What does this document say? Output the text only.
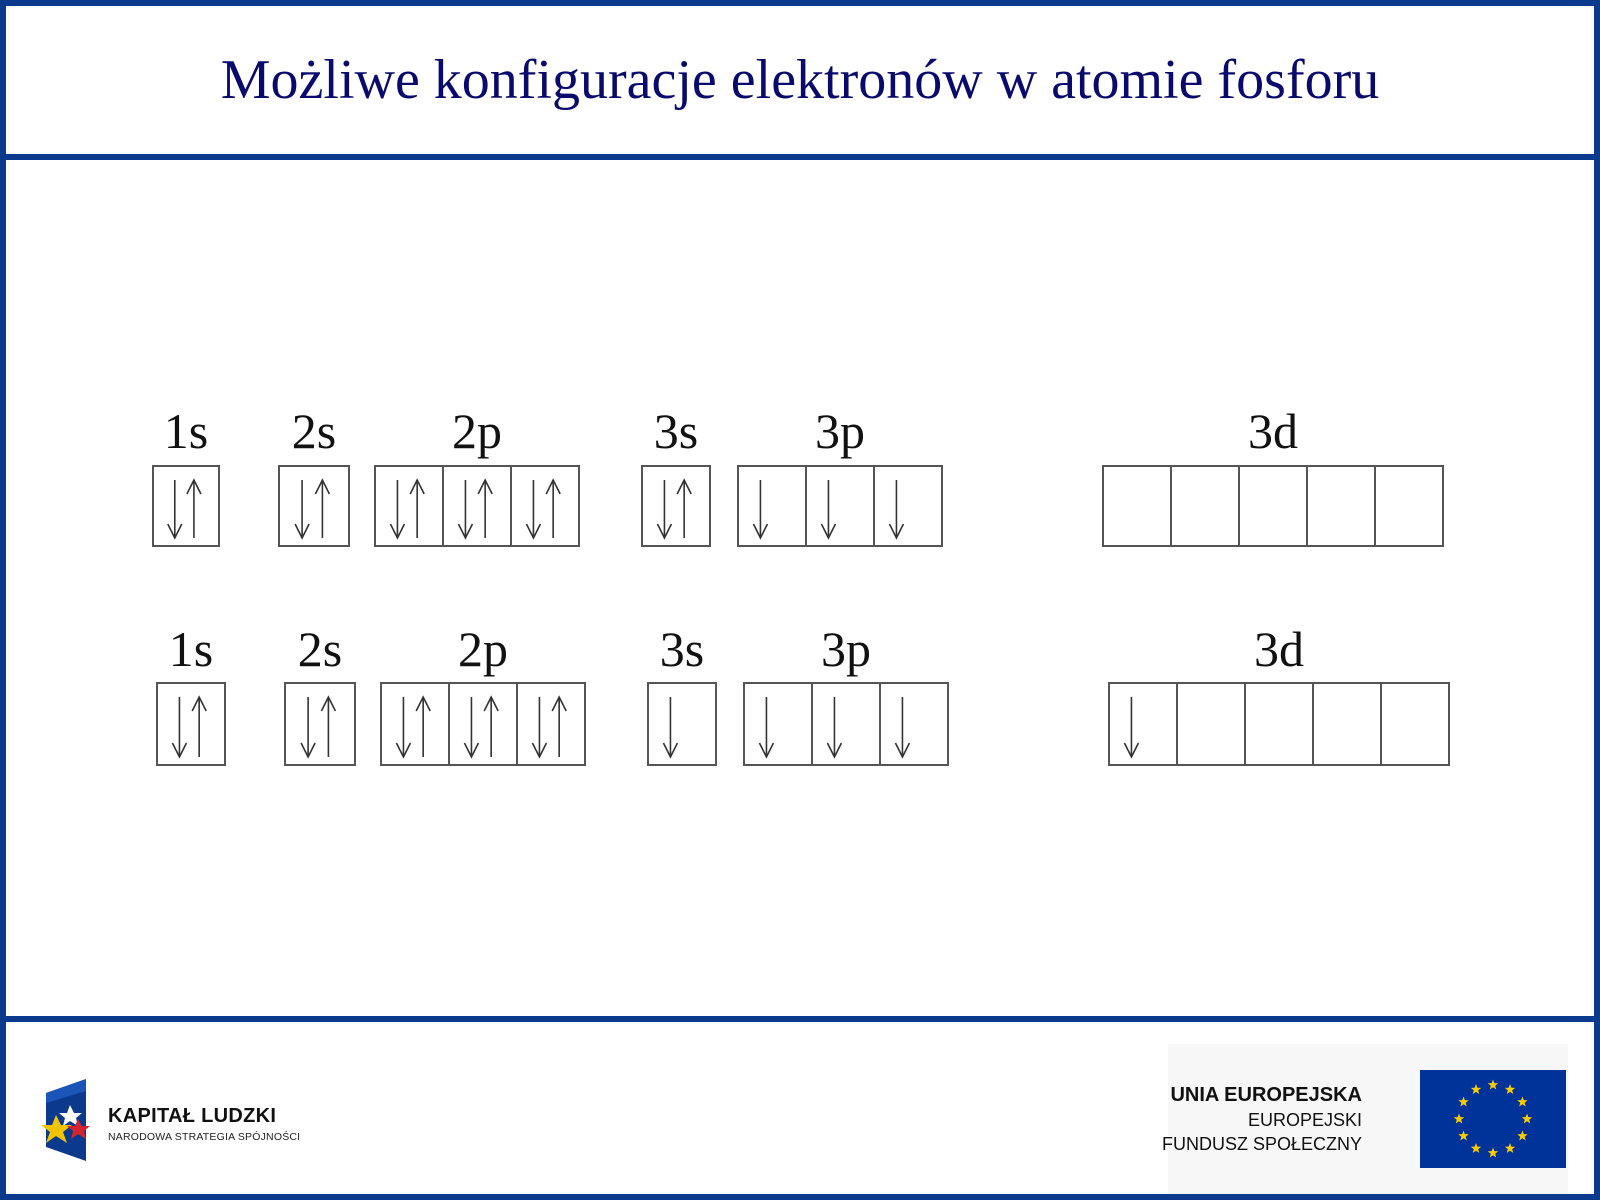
Możliwe konfiguracje elektronów w atomie fosforu
1s 2s 2p	3s 3p	3d
1s 2s 2p	3s 3p	3d
KAPITAŁ LUDZKI
NARODOWA STRATEGIA SPÓJNOŚCI
UNIA EUROPEJSKA
EUROPEJSKI
FUNDUSZ SPOŁECZNY
